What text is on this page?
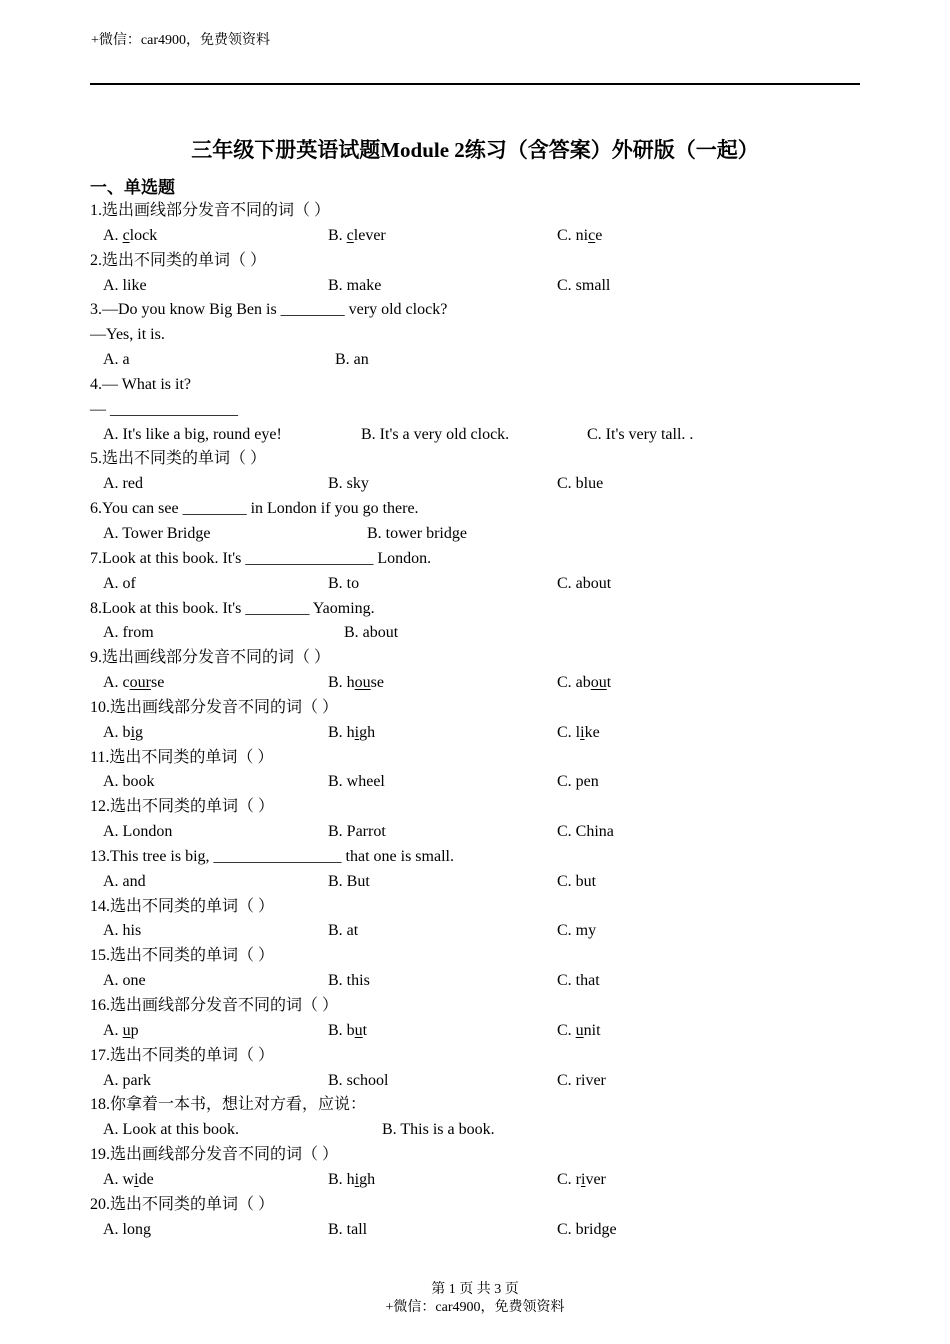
+微信：car4900，免费领资料
三年级下册英语试题Module 2练习（含答案）外研版（一起）
一、单选题
1.选出画线部分发音不同的词（ ）
A. clock	B. clever	C. nice
2.选出不同类的单词（ ）
A. like	B. make	C. small
3.—Do you know Big Ben is ________ very old clock?
—Yes, it is.
A. a	B. an
4.— What is it?
— ________________
A. It's like a big, round eye!	B. It's a very old clock.	C. It's very tall. .
5.选出不同类的单词（ ）
A. red	B. sky	C. blue
6.You can see ________ in London if you go there.
A. Tower Bridge	B. tower bridge
7.Look at this book. It's ________________ London.
A. of	B. to	C. about
8.Look at this book. It's ________ Yaoming.
A. from	B. about
9.选出画线部分发音不同的词（ ）
A. course	B. house	C. about
10.选出画线部分发音不同的词（ ）
A. big	B. high	C. like
11.选出不同类的单词（ ）
A. book	B. wheel	C. pen
12.选出不同类的单词（ ）
A. London	B. Parrot	C. China
13.This tree is big, ________________ that one is small.
A. and	B. But	C. but
14.选出不同类的单词（ ）
A. his	B. at	C. my
15.选出不同类的单词（ ）
A. one	B. this	C. that
16.选出画线部分发音不同的词（ ）
A. up	B. but	C. unit
17.选出不同类的单词（ ）
A. park	B. school	C. river
18.你拿着一本书，想让对方看，应说：
A. Look at this book.	B. This is a book.
19.选出画线部分发音不同的词（ ）
A. wide	B. high	C. river
20.选出不同类的单词（ ）
A. long	B. tall	C. bridge
第 1 页 共 3 页
+微信：car4900，免费领资料
